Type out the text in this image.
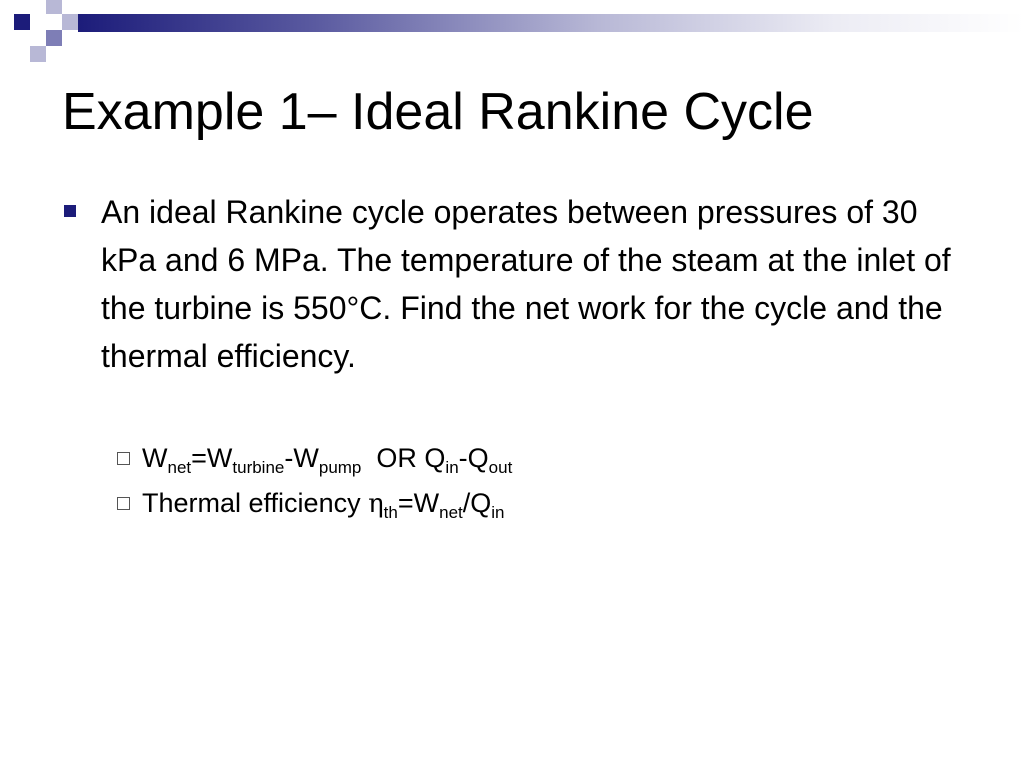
Example 1– Ideal Rankine Cycle

An ideal Rankine cycle operates between pressures of 30 kPa and 6 MPa. The temperature of the steam at the inlet of the turbine is 550°C. Find the net work for the cycle and the thermal efficiency.

$W_{net}=W_{turbine}-W_{pump}$ OR $Q_{in}-Q_{out}$
Thermal efficiency $\eta_{th}=W_{net}/Q_{in}$
